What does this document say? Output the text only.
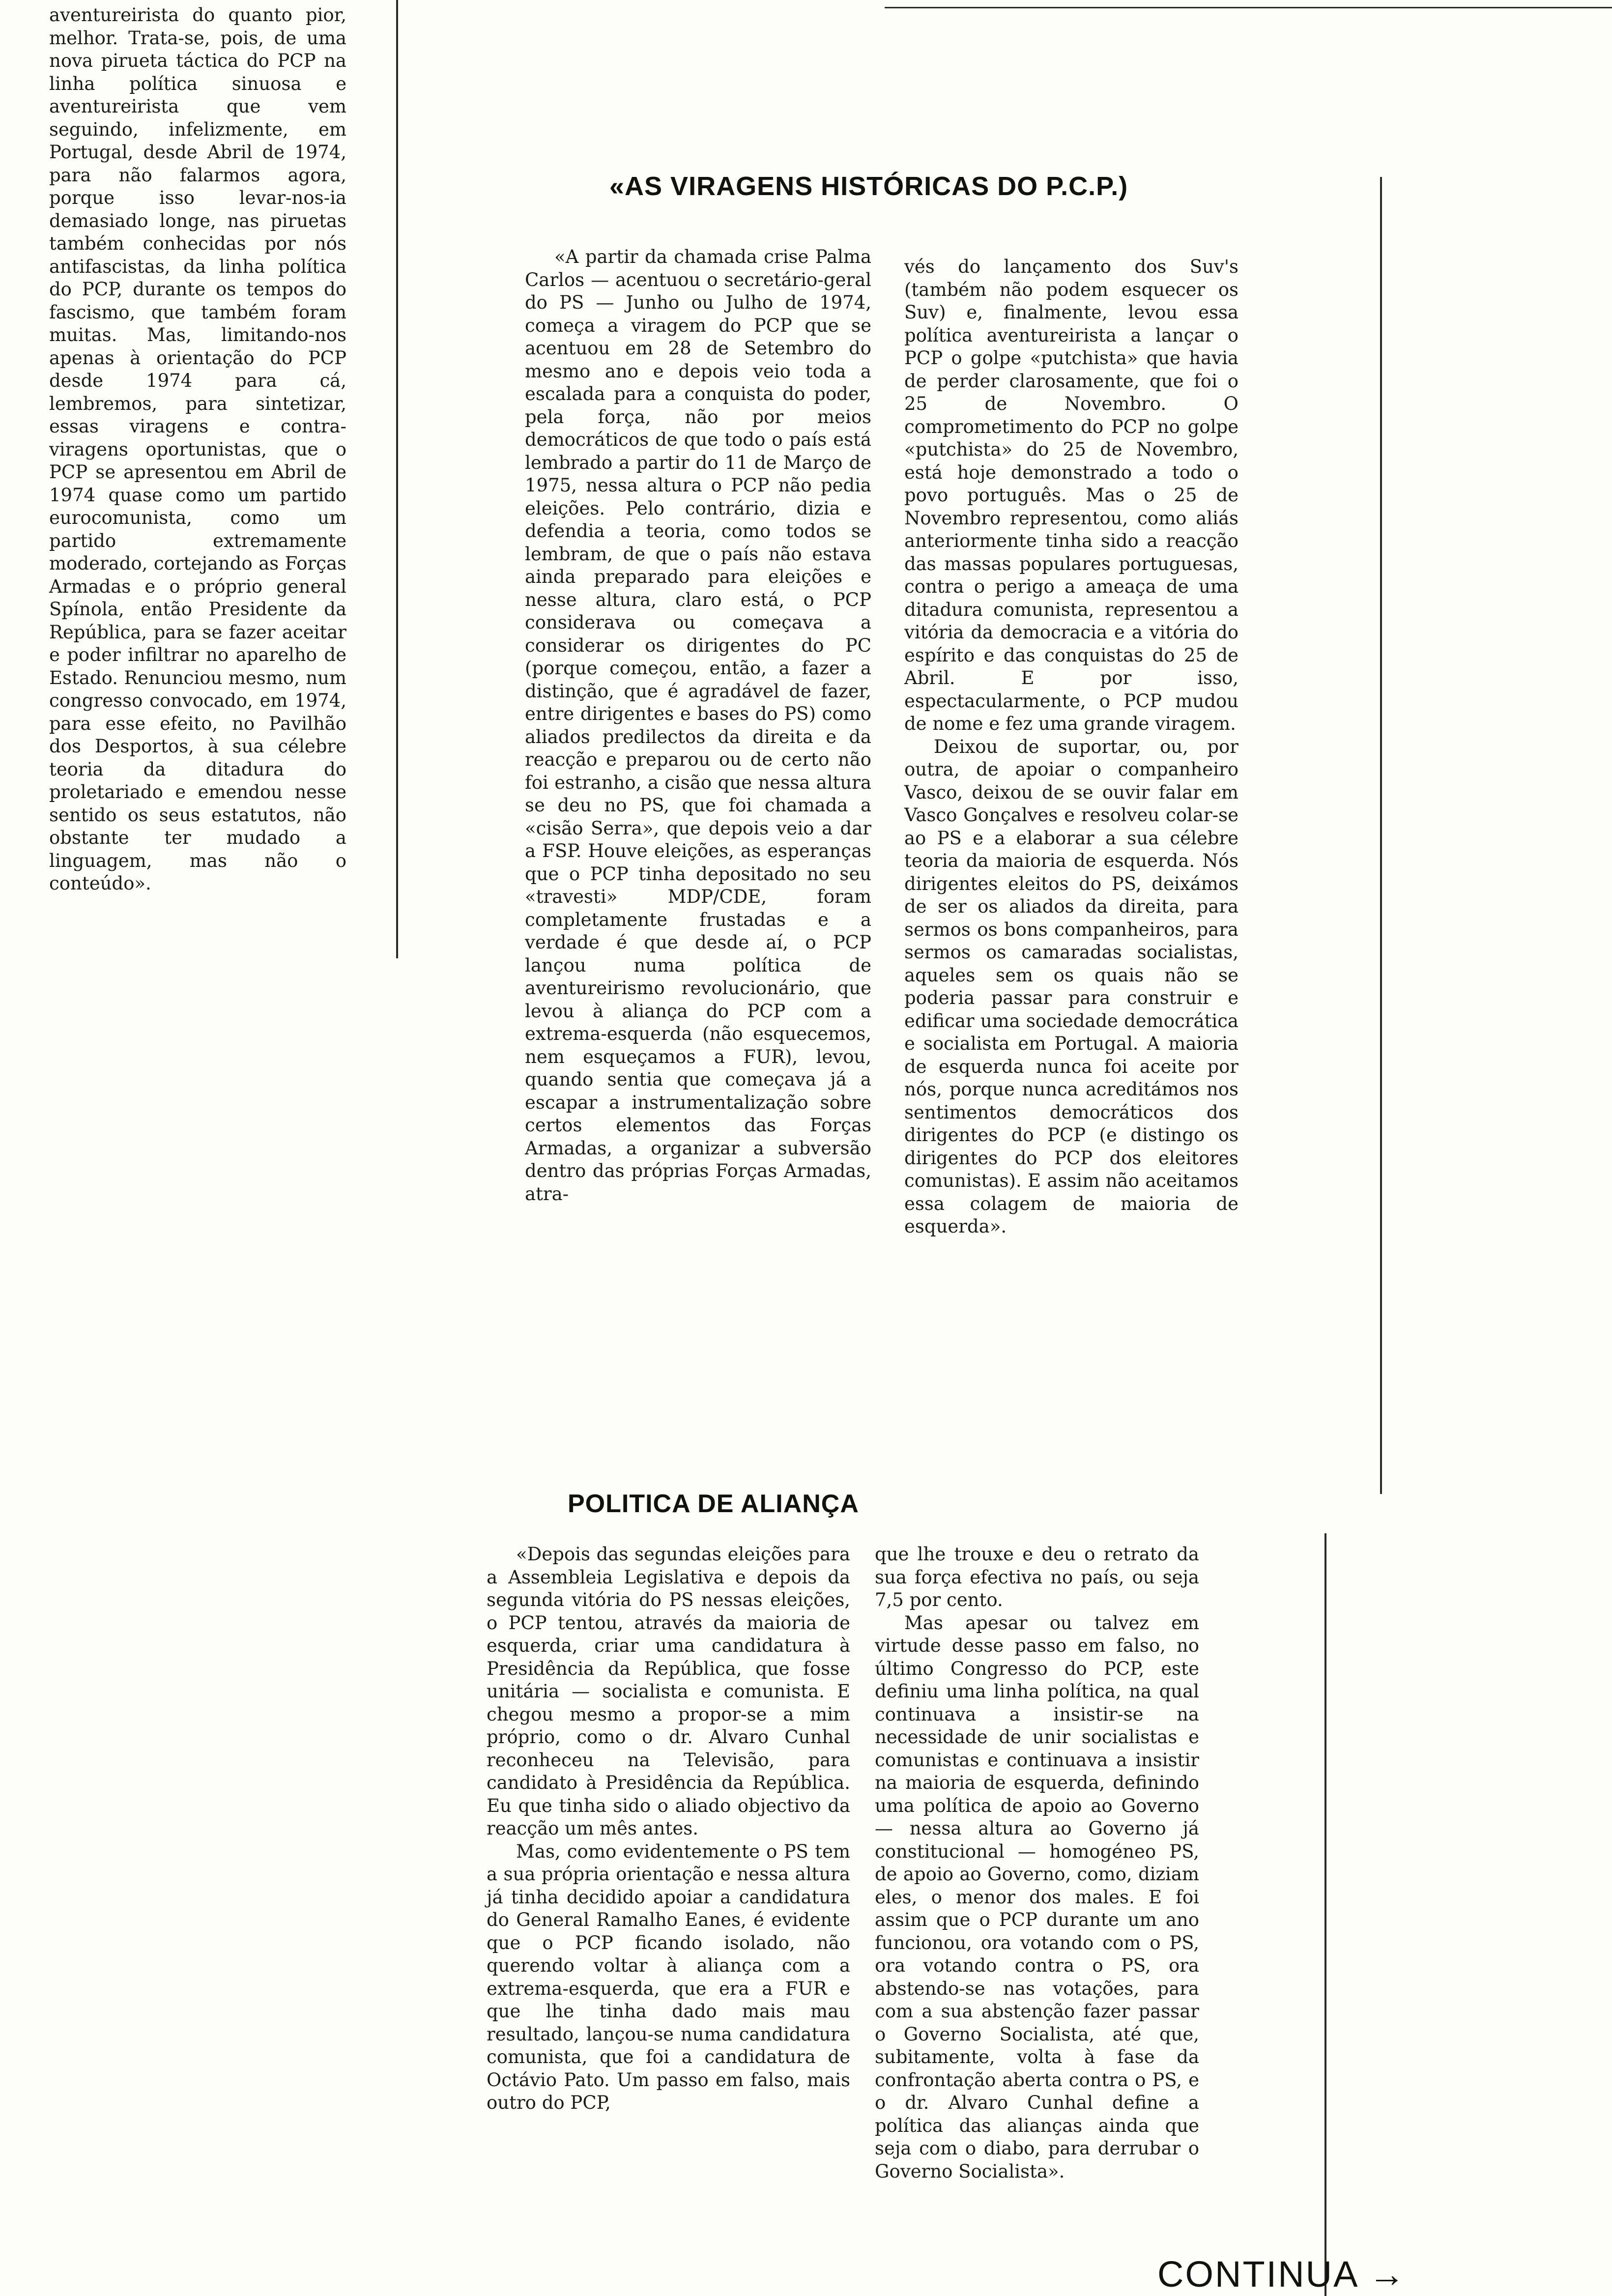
aventureirista do quanto pior, melhor. Trata-se, pois, de uma nova pirueta táctica do PCP na linha política sinuosa e aventureirista que vem seguindo, infelizmente, em Portugal, desde Abril de 1974, para não falarmos agora, porque isso levar-nos-ia demasiado longe, nas piruetas também conhecidas por nós antifascistas, da linha política do PCP, durante os tempos do fascismo, que também foram muitas. Mas, limitando-nos apenas à orientação do PCP desde 1974 para cá, lembremos, para sintetizar, essas viragens e contra-viragens oportunistas, que o PCP se apresentou em Abril de 1974 quase como um partido eurocomunista, como um partido extremamente moderado, cortejando as Forças Armadas e o próprio general Spínola, então Presidente da República, para se fazer aceitar e poder infiltrar no aparelho de Estado. Renunciou mesmo, num congresso convocado, em 1974, para esse efeito, no Pavilhão dos Desportos, à sua célebre teoria da ditadura do proletariado e emendou nesse sentido os seus estatutos, não obstante ter mudado a linguagem, mas não o conteúdo».

«AS VIRAGENS HISTÓRICAS DO P.C.P.)

«A partir da chamada crise Palma Carlos — acentuou o secretário-geral do PS — Junho ou Julho de 1974, começa a viragem do PCP que se acentuou em 28 de Setembro do mesmo ano e depois veio toda a escalada para a conquista do poder, pela força, não por meios democráticos de que todo o país está lembrado a partir do 11 de Março de 1975, nessa altura o PCP não pedia eleições. Pelo contrário, dizia e defendia a teoria, como todos se lembram, de que o país não estava ainda preparado para eleições e nesse altura, claro está, o PCP considerava ou começava a considerar os dirigentes do PC (porque começou, então, a fazer a distinção, que é agradável de fazer, entre dirigentes e bases do PS) como aliados predilectos da direita e da reacção e preparou ou de certo não foi estranho, a cisão que nessa altura se deu no PS, que foi chamada a «cisão Serra», que depois veio a dar a FSP. Houve eleições, as esperanças que o PCP tinha depositado no seu «travesti» MDP/CDE, foram completamente frustadas e a verdade é que desde aí, o PCP lançou numa política de aventureirismo revolucionário, que levou à aliança do PCP com a extrema-esquerda (não esquecemos, nem esqueçamos a FUR), levou, quando sentia que começava já a escapar a instrumentalização sobre certos elementos das Forças Armadas, a organizar a subversão dentro das próprias Forças Armadas, atra-

vés do lançamento dos Suv's (também não podem esquecer os Suv) e, finalmente, levou essa política aventureirista a lançar o PCP o golpe «putchista» que havia de perder clarosamente, que foi o 25 de Novembro. O comprometimento do PCP no golpe «putchista» do 25 de Novembro, está hoje demonstrado a todo o povo português. Mas o 25 de Novembro representou, como aliás anteriormente tinha sido a reacção das massas populares portuguesas, contra o perigo a ameaça de uma ditadura comunista, representou a vitória da democracia e a vitória do espírito e das conquistas do 25 de Abril. E por isso, espectacularmente, o PCP mudou de nome e fez uma grande viragem.

Deixou de suportar, ou, por outra, de apoiar o companheiro Vasco, deixou de se ouvir falar em Vasco Gonçalves e resolveu colar-se ao PS e a elaborar a sua célebre teoria da maioria de esquerda. Nós dirigentes eleitos do PS, deixámos de ser os aliados da direita, para sermos os bons companheiros, para sermos os camaradas socialistas, aqueles sem os quais não se poderia passar para construir e edificar uma sociedade democrática e socialista em Portugal. A maioria de esquerda nunca foi aceite por nós, porque nunca acreditámos nos sentimentos democráticos dos dirigentes do PCP (e distingo os dirigentes do PCP dos eleitores comunistas). E assim não aceitamos essa colagem de maioria de esquerda».

POLITICA DE ALIANÇA

«Depois das segundas eleições para a Assembleia Legislativa e depois da segunda vitória do PS nessas eleições, o PCP tentou, através da maioria de esquerda, criar uma candidatura à Presidência da República, que fosse unitária — socialista e comunista. E chegou mesmo a propor-se a mim próprio, como o dr. Alvaro Cunhal reconheceu na Televisão, para candidato à Presidência da República. Eu que tinha sido o aliado objectivo da reacção um mês antes.

Mas, como evidentemente o PS tem a sua própria orientação e nessa altura já tinha decidido apoiar a candidatura do General Ramalho Eanes, é evidente que o PCP ficando isolado, não querendo voltar à aliança com a extrema-esquerda, que era a FUR e que lhe tinha dado mais mau resultado, lançou-se numa candidatura comunista, que foi a candidatura de Octávio Pato. Um passo em falso, mais outro do PCP,

que lhe trouxe e deu o retrato da sua força efectiva no país, ou seja 7,5 por cento.

Mas apesar ou talvez em virtude desse passo em falso, no último Congresso do PCP, este definiu uma linha política, na qual continuava a insistir-se na necessidade de unir socialistas e comunistas e continuava a insistir na maioria de esquerda, definindo uma política de apoio ao Governo — nessa altura ao Governo já constitucional — homogéneo PS, de apoio ao Governo, como, diziam eles, o menor dos males. E foi assim que o PCP durante um ano funcionou, ora votando com o PS, ora votando contra o PS, ora abstendo-se nas votações, para com a sua abstenção fazer passar o Governo Socialista, até que, subitamente, volta à fase da confrontação aberta contra o PS, e o dr. Alvaro Cunhal define a política das alianças ainda que seja com o diabo, para derrubar o Governo Socialista».

CONTINUA →
